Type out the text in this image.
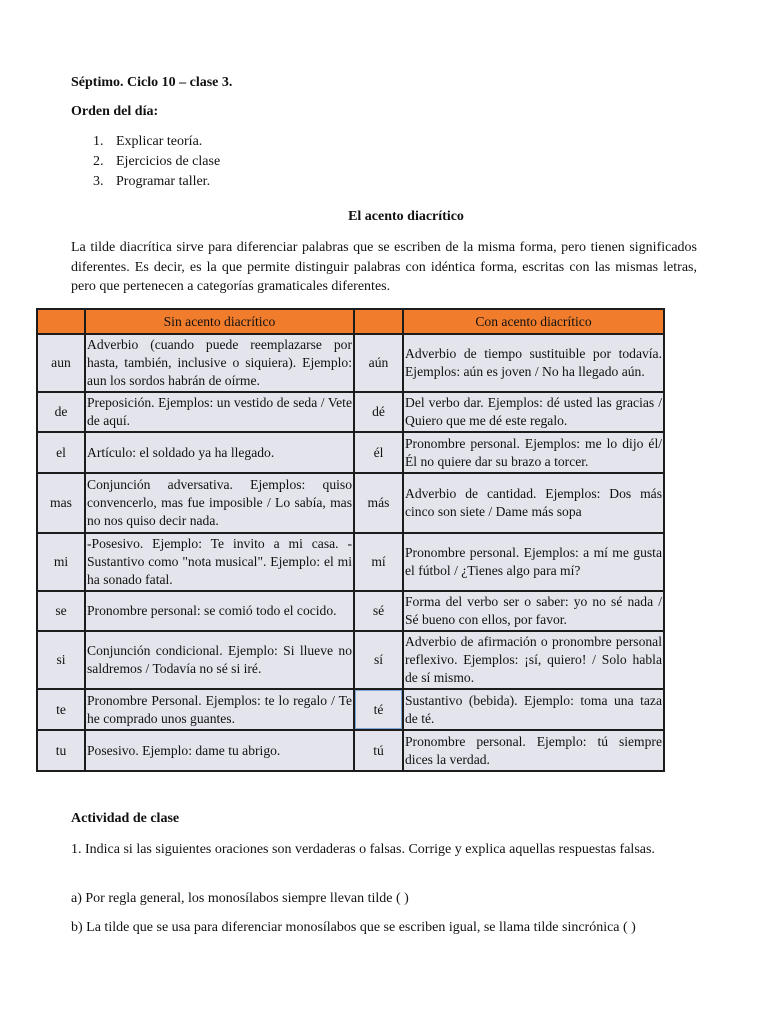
Séptimo. Ciclo 10 – clase 3.
Orden del día:
1. Explicar teoría.
2. Ejercicios de clase
3. Programar taller.
El acento diacrítico

La tilde diacrítica sirve para diferenciar palabras que se escriben de la misma forma, pero tienen significados diferentes. Es decir, es la que permite distinguir palabras con idéntica forma, escritas con las mismas letras, pero que pertenecen a categorías gramaticales diferentes.

	Sin acento diacrítico		Con acento diacrítico
aun	Adverbio (cuando puede reemplazarse por hasta, también, inclusive o siquiera). Ejemplo: aun los sordos habrán de oírme.	aún	Adverbio de tiempo sustituible por todavía. Ejemplos: aún es joven / No ha llegado aún.
de	Preposición. Ejemplos: un vestido de seda / Vete de aquí.	dé	Del verbo dar. Ejemplos: dé usted las gracias / Quiero que me dé este regalo.
el	Artículo: el soldado ya ha llegado.	él	Pronombre personal. Ejemplos: me lo dijo él/ Él no quiere dar su brazo a torcer.
mas	Conjunción adversativa. Ejemplos: quiso convencerlo, mas fue imposible / Lo sabía, mas no nos quiso decir nada.	más	Adverbio de cantidad. Ejemplos: Dos más cinco son siete / Dame más sopa
mi	-Posesivo. Ejemplo: Te invito a mi casa. - Sustantivo como "nota musical". Ejemplo: el mi ha sonado fatal.	mí	Pronombre personal. Ejemplos: a mí me gusta el fútbol / ¿Tienes algo para mí?
se	Pronombre personal: se comió todo el cocido.	sé	Forma del verbo ser o saber: yo no sé nada / Sé bueno con ellos, por favor.
si	Conjunción condicional. Ejemplo: Si llueve no saldremos / Todavía no sé si iré.	sí	Adverbio de afirmación o pronombre personal reflexivo. Ejemplos: ¡sí, quiero! / Solo habla de sí mismo.
te	Pronombre Personal. Ejemplos: te lo regalo / Te he comprado unos guantes.	té	Sustantivo (bebida). Ejemplo: toma una taza de té.
tu	Posesivo. Ejemplo: dame tu abrigo.	tú	Pronombre personal. Ejemplo: tú siempre dices la verdad.
Actividad de clase

1. Indica si las siguientes oraciones son verdaderas o falsas. Corrige y explica aquellas respuestas falsas.

a) Por regla general, los monosílabos siempre llevan tilde ( )

b) La tilde que se usa para diferenciar monosílabos que se escriben igual, se llama tilde sincrónica ( )
